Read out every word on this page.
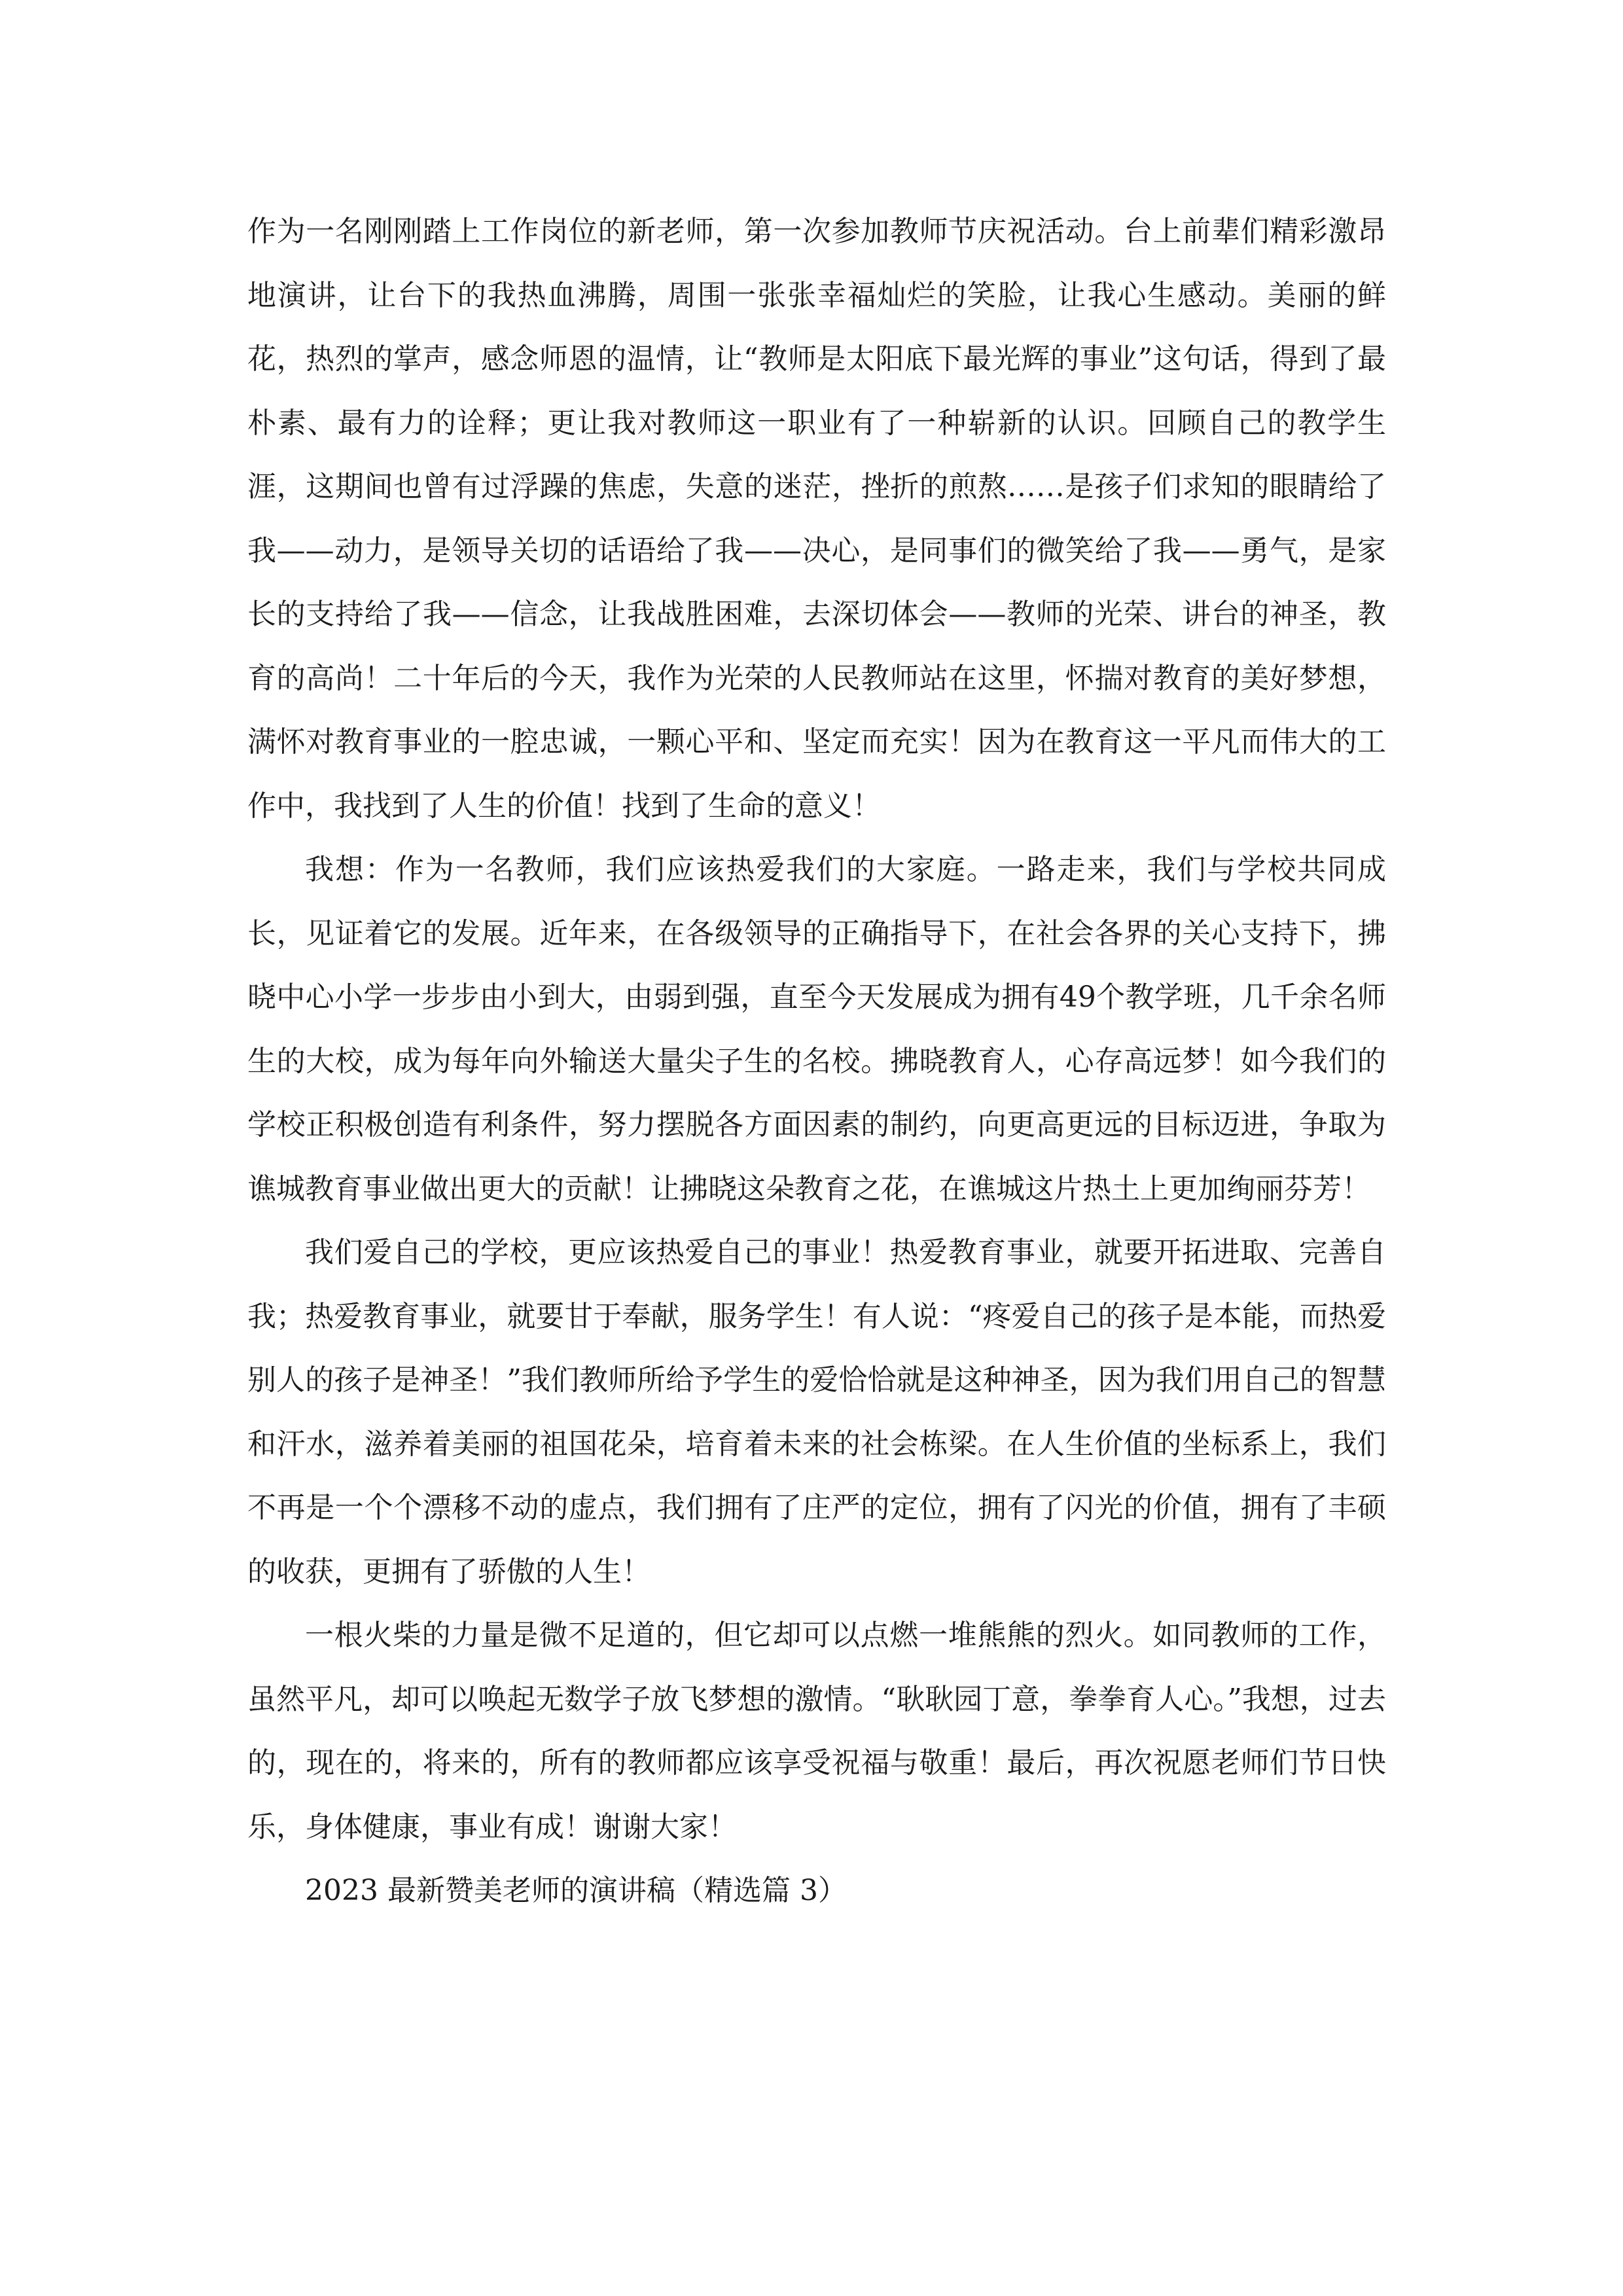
作为一名刚刚踏上工作岗位的新老师，第一次参加教师节庆祝活动。台上前辈们精彩激昂地演讲，让台下的我热血沸腾，周围一张张幸福灿烂的笑脸，让我心生感动。美丽的鲜花，热烈的掌声，感念师恩的温情，让“教师是太阳底下最光辉的事业”这句话，得到了最朴素、最有力的诠释；更让我对教师这一职业有了一种崭新的认识。回顾自己的教学生涯，这期间也曾有过浮躁的焦虑，失意的迷茫，挫折的煎熬……是孩子们求知的眼睛给了我——动力，是领导关切的话语给了我——决心，是同事们的微笑给了我——勇气，是家长的支持给了我——信念，让我战胜困难，去深切体会——教师的光荣、讲台的神圣，教育的高尚！二十年后的今天，我作为光荣的人民教师站在这里，怀揣对教育的美好梦想，满怀对教育事业的一腔忠诚，一颗心平和、坚定而充实！因为在教育这一平凡而伟大的工作中，我找到了人生的价值！找到了生命的意义！

我想：作为一名教师，我们应该热爱我们的大家庭。一路走来，我们与学校共同成长，见证着它的发展。近年来，在各级领导的正确指导下，在社会各界的关心支持下，拂晓中心小学一步步由小到大，由弱到强，直至今天发展成为拥有49个教学班，几千余名师生的大校，成为每年向外输送大量尖子生的名校。拂晓教育人，心存高远梦！如今我们的学校正积极创造有利条件，努力摆脱各方面因素的制约，向更高更远的目标迈进，争取为谯城教育事业做出更大的贡献！让拂晓这朵教育之花，在谯城这片热土上更加绚丽芬芳！

我们爱自己的学校，更应该热爱自己的事业！热爱教育事业，就要开拓进取、完善自我；热爱教育事业，就要甘于奉献，服务学生！有人说：“疼爱自己的孩子是本能，而热爱别人的孩子是神圣！”我们教师所给予学生的爱恰恰就是这种神圣，因为我们用自己的智慧和汗水，滋养着美丽的祖国花朵，培育着未来的社会栋梁。在人生价值的坐标系上，我们不再是一个个漂移不动的虚点，我们拥有了庄严的定位，拥有了闪光的价值，拥有了丰硕的收获，更拥有了骄傲的人生！

一根火柴的力量是微不足道的，但它却可以点燃一堆熊熊的烈火。如同教师的工作，虽然平凡，却可以唤起无数学子放飞梦想的激情。“耿耿园丁意，拳拳育人心。”我想，过去的，现在的，将来的，所有的教师都应该享受祝福与敬重！最后，再次祝愿老师们节日快乐，身体健康，事业有成！谢谢大家！

2023 最新赞美老师的演讲稿（精选篇 3）
